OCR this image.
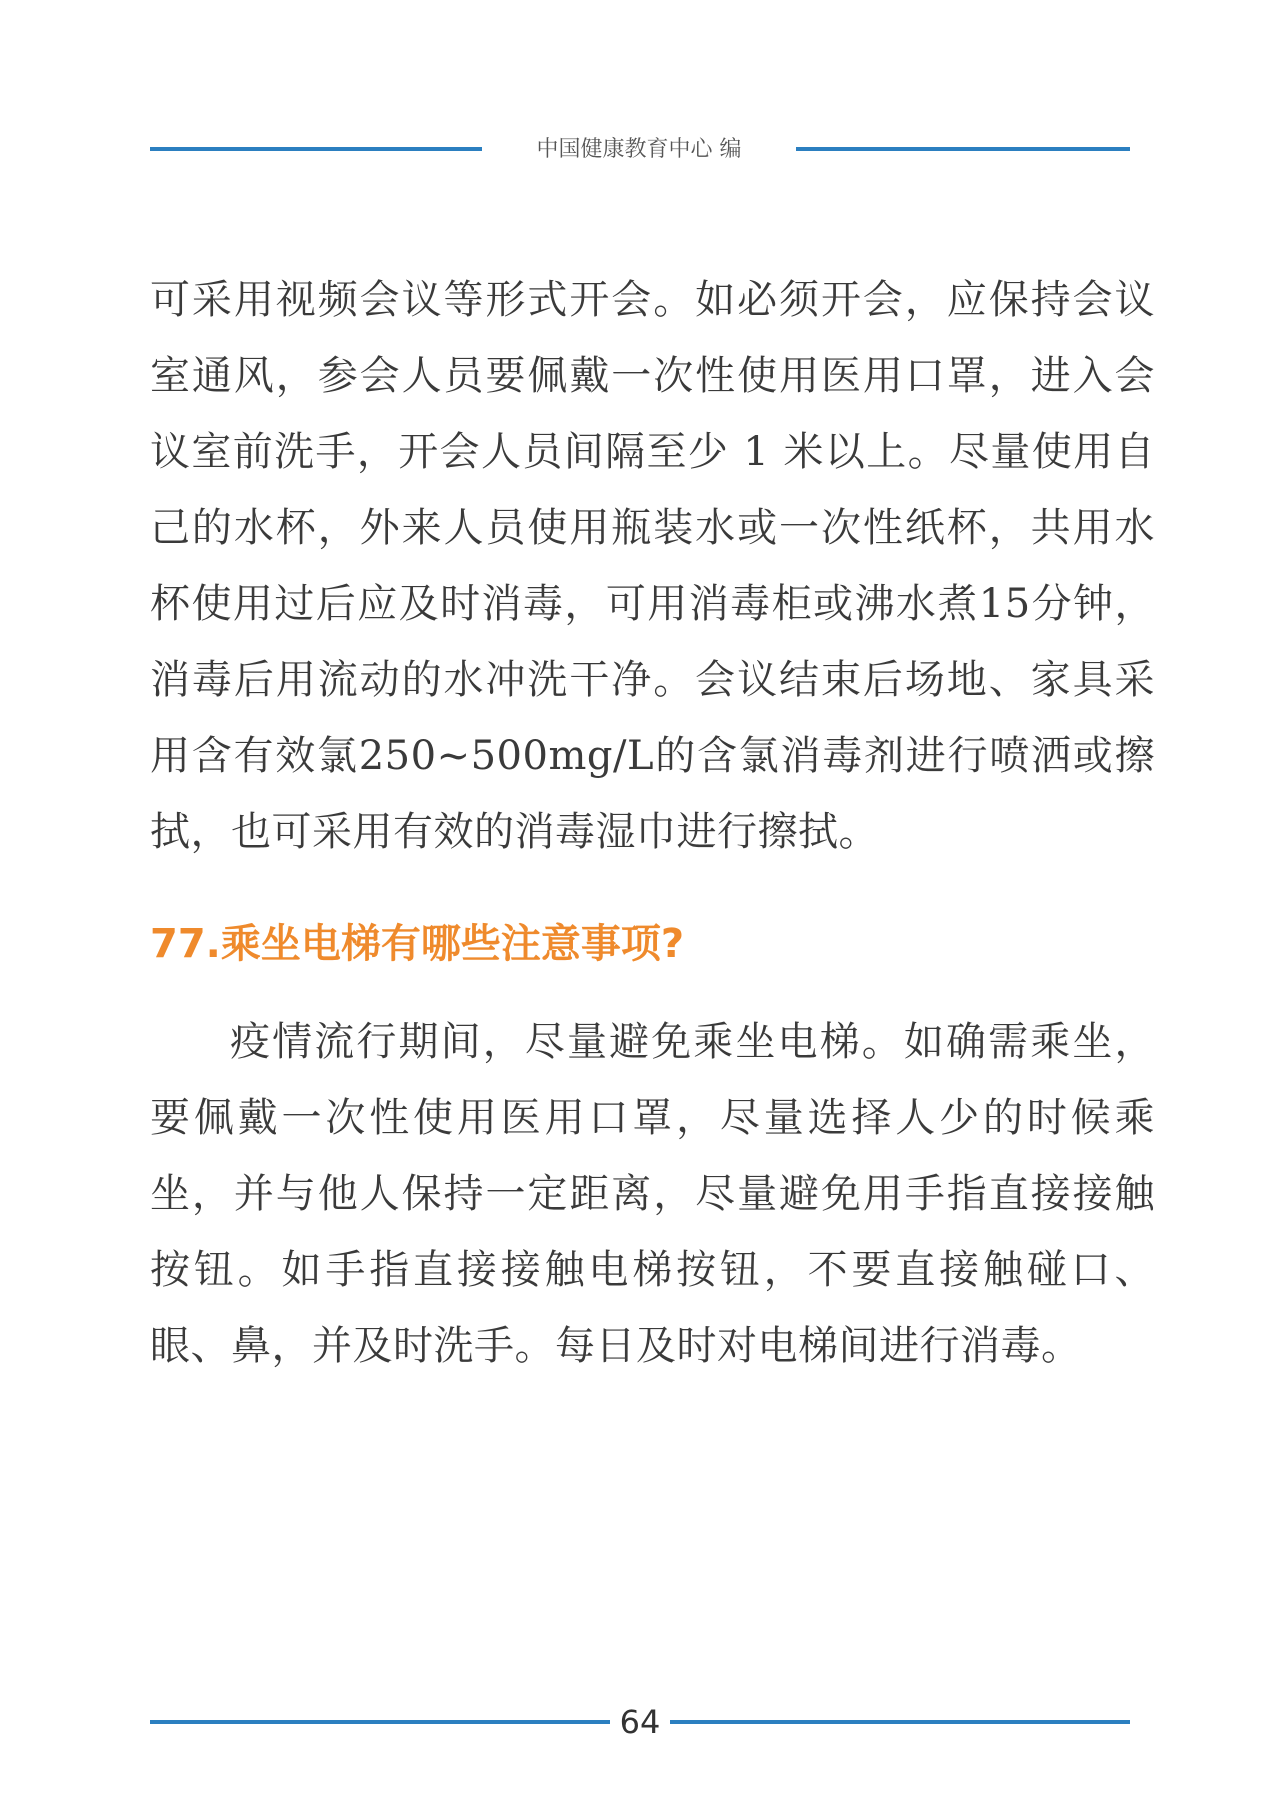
中国健康教育中心 编

可采用视频会议等形式开会。如必须开会，应保持会议室通风，参会人员要佩戴一次性使用医用口罩，进入会议室前洗手，开会人员间隔至少 1 米以上。尽量使用自己的水杯，外来人员使用瓶装水或一次性纸杯，共用水杯使用过后应及时消毒，可用消毒柜或沸水煮15分钟，消毒后用流动的水冲洗干净。会议结束后场地、家具采用含有效氯250~500mg/L的含氯消毒剂进行喷洒或擦拭，也可采用有效的消毒湿巾进行擦拭。

77.乘坐电梯有哪些注意事项?

疫情流行期间，尽量避免乘坐电梯。如确需乘坐，要佩戴一次性使用医用口罩，尽量选择人少的时候乘坐，并与他人保持一定距离，尽量避免用手指直接接触按钮。如手指直接接触电梯按钮，不要直接触碰口、眼、鼻，并及时洗手。每日及时对电梯间进行消毒。

64
